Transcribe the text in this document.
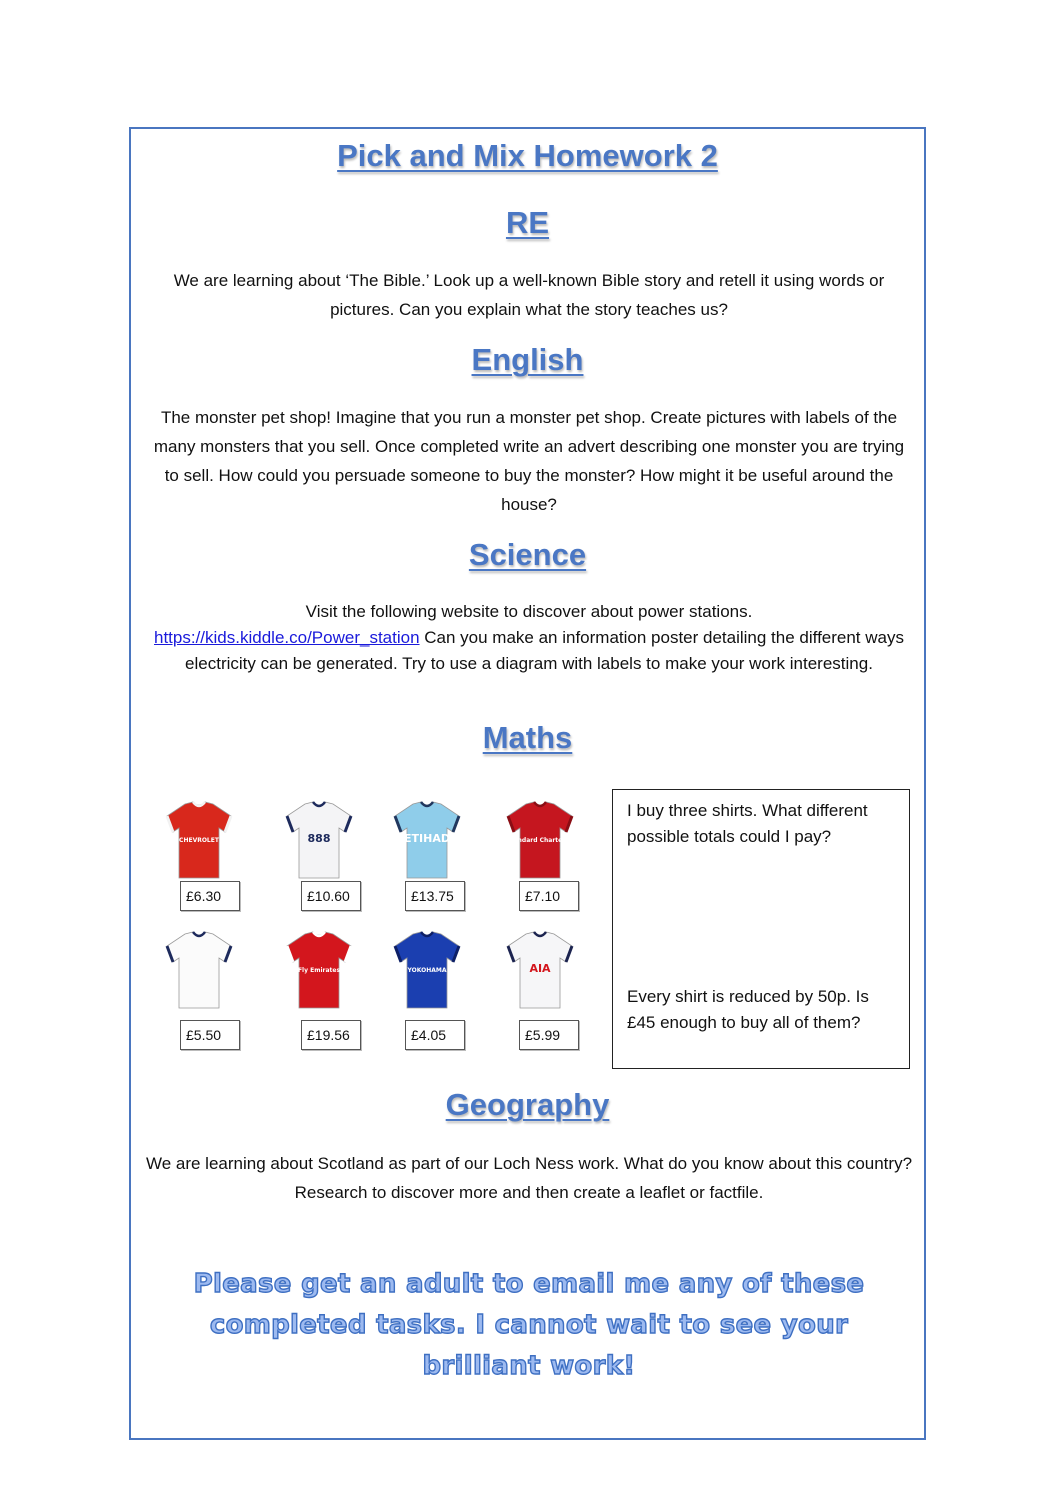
Pick and Mix Homework 2
RE

We are learning about ‘The Bible.’ Look up a well-known Bible story and retell it using words or pictures. Can you explain what the story teaches us?

English

The monster pet shop! Imagine that you run a monster pet shop. Create pictures with labels of the many monsters that you sell. Once completed write an advert describing one monster you are trying to sell. How could you persuade someone to buy the monster? How might it be useful around the house?

Science

Visit the following website to discover about power stations.
https://kids.kiddle.co/Power_station Can you make an information poster detailing the different ways electricity can be generated. Try to use a diagram with labels to make your work interesting.

Maths
CHEVROLET
£6.30
888
£10.60
ETIHAD
£13.75
Standard Chartered
£7.10
£5.50
Fly Emirates
£19.56
YOKOHAMA
£4.05
AIA
£5.99

I buy three shirts. What different possible totals could I pay?

Every shirt is reduced by 50p. Is £45 enough to buy all of them?

Geography

We are learning about Scotland as part of our Loch Ness work. What do you know about this country? Research to discover more and then create a leaflet or factfile.

Please get an adult to email me any of these completed tasks. I cannot wait to see your brilliant work!
